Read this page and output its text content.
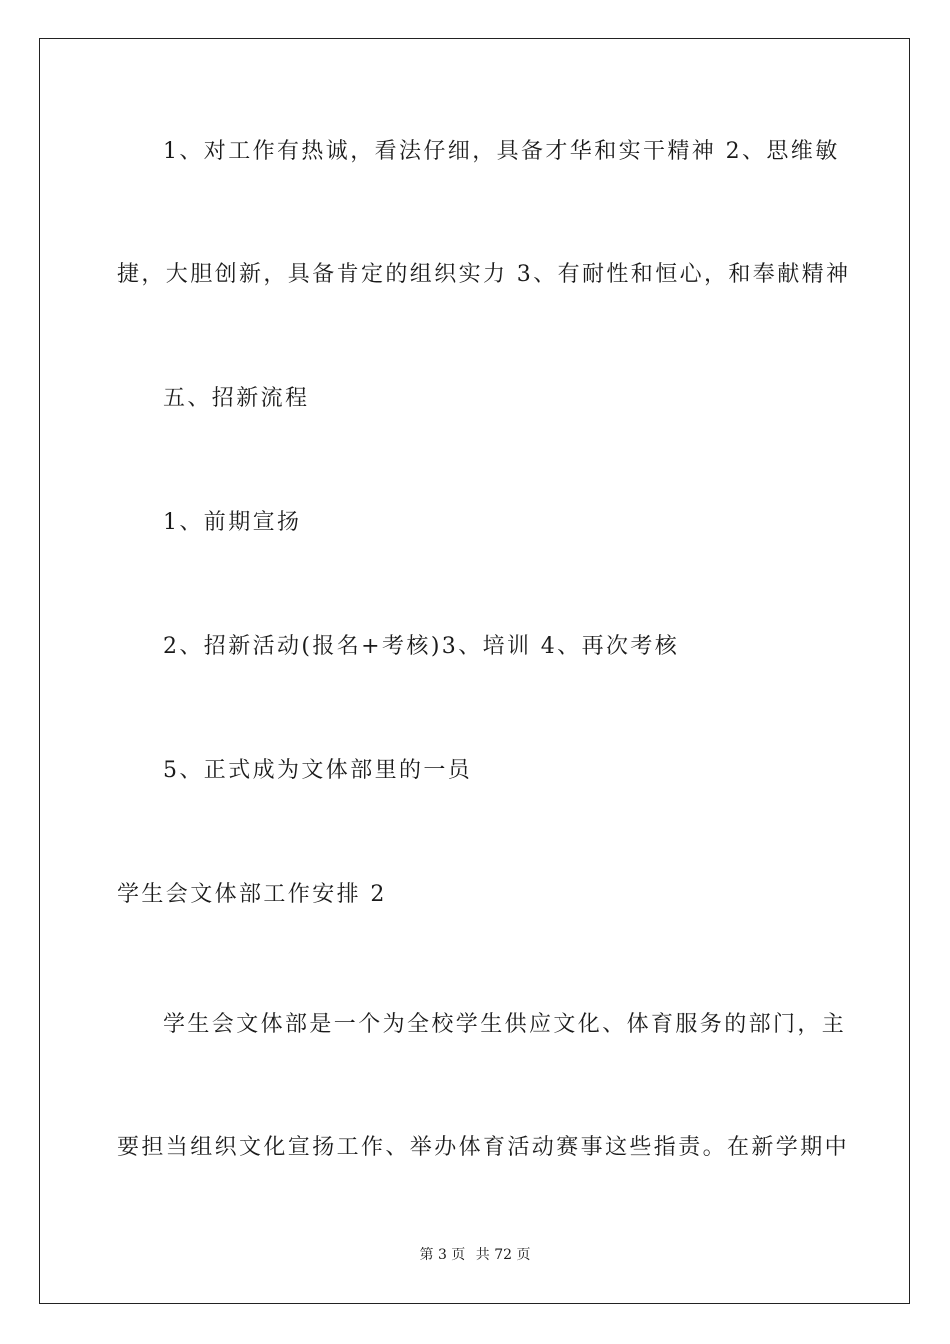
1、对工作有热诚，看法仔细，具备才华和实干精神 2、思维敏

捷，大胆创新，具备肯定的组织实力 3、有耐性和恒心，和奉献精神

五、招新流程

1、前期宣扬

2、招新活动(报名+考核)3、培训 4、再次考核

5、正式成为文体部里的一员

学生会文体部工作安排 2

学生会文体部是一个为全校学生供应文化、体育服务的部门，主

要担当组织文化宣扬工作、举办体育活动赛事这些指责。在新学期中

第 3 页 共 72 页
